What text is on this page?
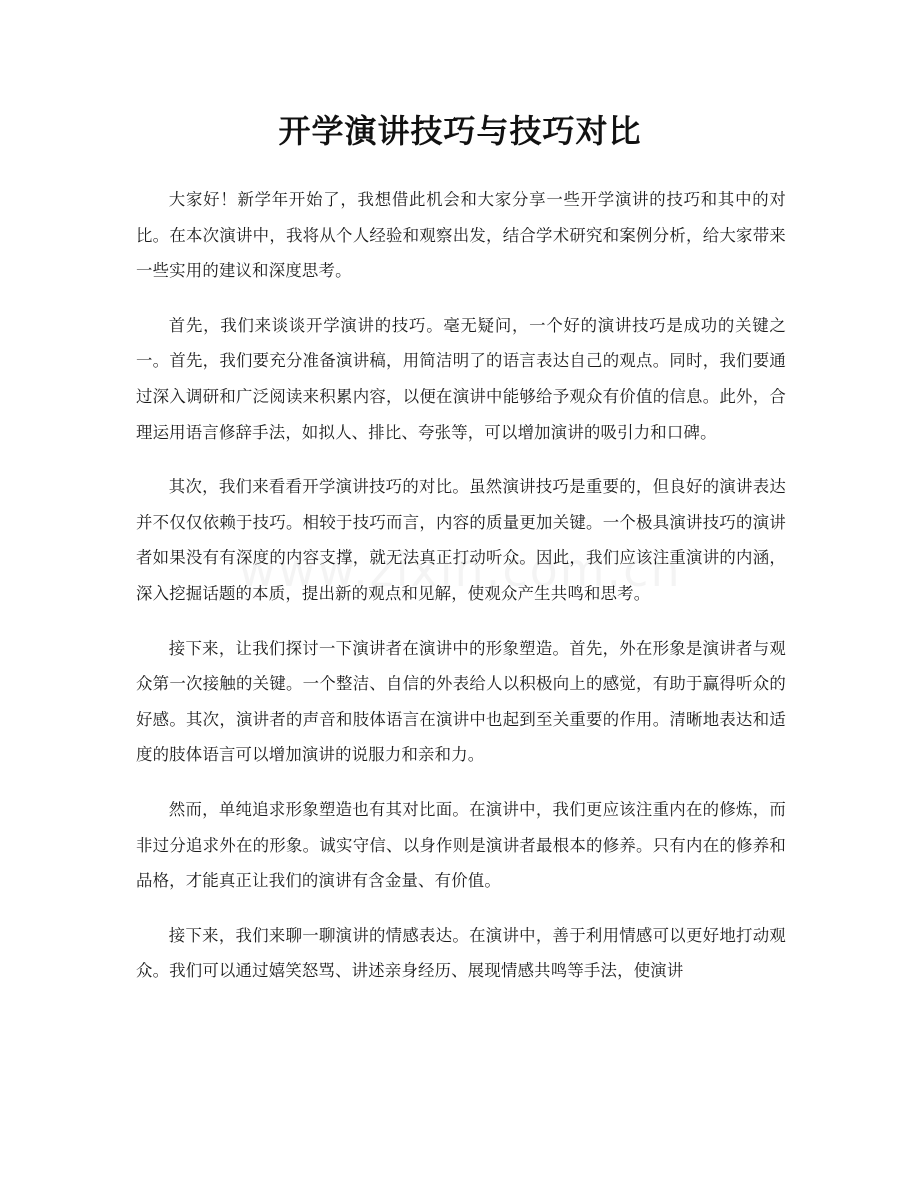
开学演讲技巧与技巧对比

大家好！新学年开始了，我想借此机会和大家分享一些开学演讲的技巧和其中的对比。在本次演讲中，我将从个人经验和观察出发，结合学术研究和案例分析，给大家带来一些实用的建议和深度思考。

首先，我们来谈谈开学演讲的技巧。毫无疑问，一个好的演讲技巧是成功的关键之一。首先，我们要充分准备演讲稿，用简洁明了的语言表达自己的观点。同时，我们要通过深入调研和广泛阅读来积累内容，以便在演讲中能够给予观众有价值的信息。此外，合理运用语言修辞手法，如拟人、排比、夸张等，可以增加演讲的吸引力和口碑。

其次，我们来看看开学演讲技巧的对比。虽然演讲技巧是重要的，但良好的演讲表达并不仅仅依赖于技巧。相较于技巧而言，内容的质量更加关键。一个极具演讲技巧的演讲者如果没有有深度的内容支撑，就无法真正打动听众。因此，我们应该注重演讲的内涵，深入挖掘话题的本质，提出新的观点和见解，使观众产生共鸣和思考。

接下来，让我们探讨一下演讲者在演讲中的形象塑造。首先，外在形象是演讲者与观众第一次接触的关键。一个整洁、自信的外表给人以积极向上的感觉，有助于赢得听众的好感。其次，演讲者的声音和肢体语言在演讲中也起到至关重要的作用。清晰地表达和适度的肢体语言可以增加演讲的说服力和亲和力。

然而，单纯追求形象塑造也有其对比面。在演讲中，我们更应该注重内在的修炼，而非过分追求外在的形象。诚实守信、以身作则是演讲者最根本的修养。只有内在的修养和品格，才能真正让我们的演讲有含金量、有价值。

接下来，我们来聊一聊演讲的情感表达。在演讲中，善于利用情感可以更好地打动观众。我们可以通过嬉笑怒骂、讲述亲身经历、展现情感共鸣等手法，使演讲
